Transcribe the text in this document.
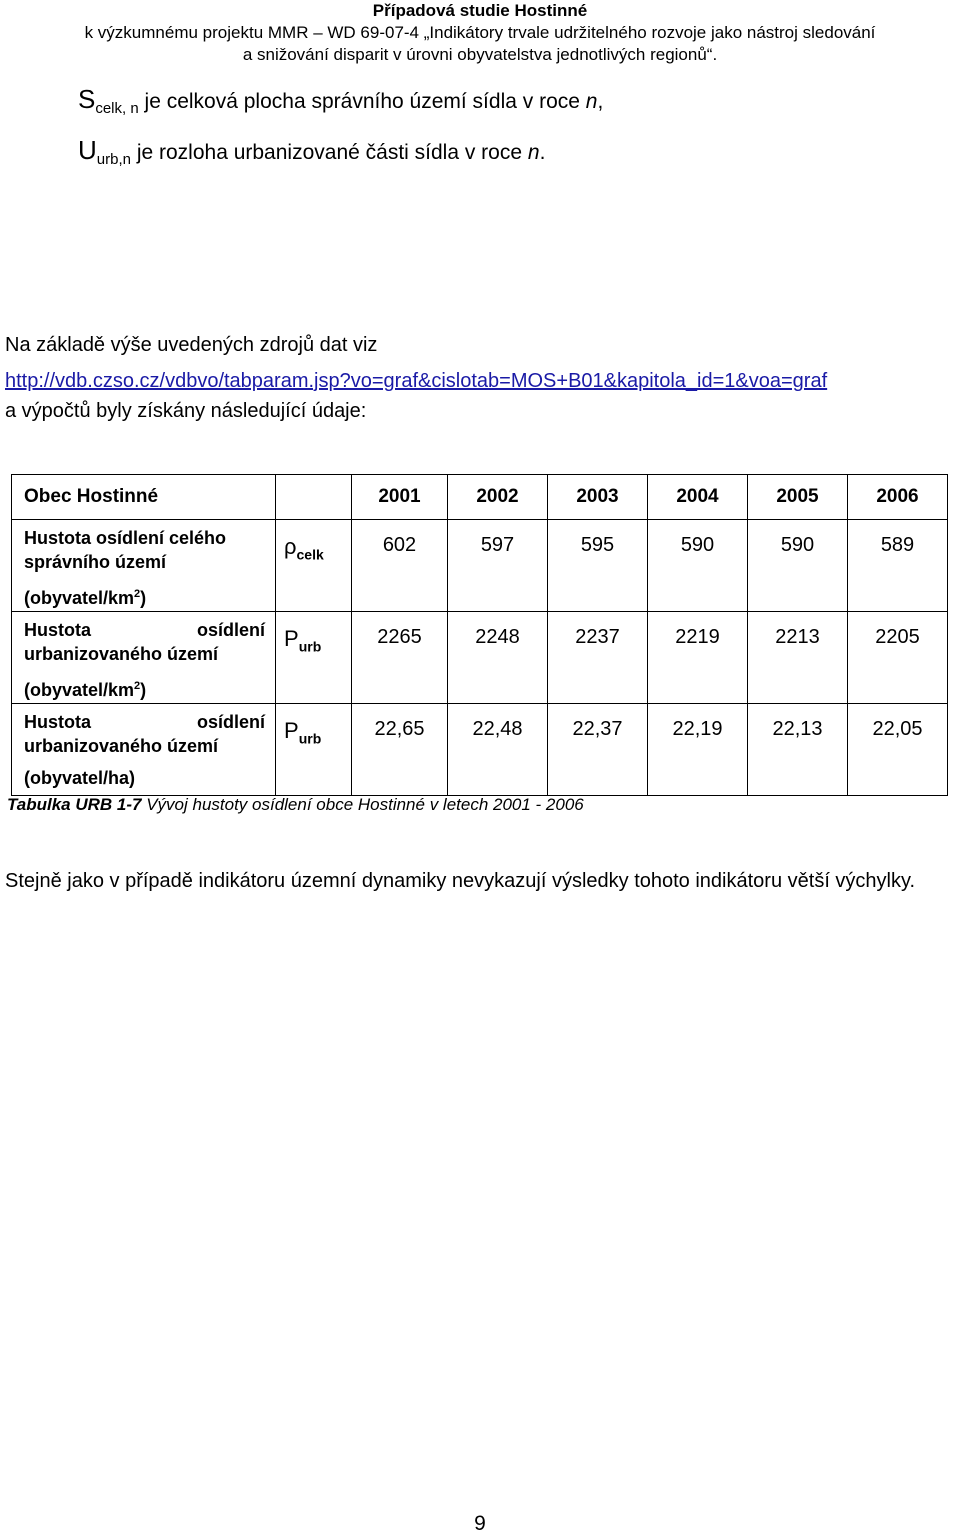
Případová studie Hostinné
k výzkumnému projektu MMR – WD 69-07-4 „Indikátory trvale udržitelného rozvoje jako nástroj sledování
a snižování disparit v úrovni obyvatelstva jednotlivých regionů“.
$S_{celk, n}$ je celková plocha správního území sídla v roce n,
$U_{urb,n}$ je rozloha urbanizované části sídla v roce n.
Na základě výše uvedených zdrojů dat viz
http://vdb.czso.cz/vdbvo/tabparam.jsp?vo=graf&cislotab=MOS+B01&kapitola_id=1&voa=graf
a výpočtů byly získány následující údaje:
Obec Hostinné		2001	2002	2003	2004	2005	2006

Hustota osídlení celého
správního území
$(obyvatel/km^2)$	$\rho_{celk}$	602	597	595	590	590	589

Hustota osídlení
urbanizovaného území
$(obyvatel/km^2)$	$P_{urb}$	2265	2248	2237	2219	2213	2205

Hustota osídlení
urbanizovaného území
(obyvatel/ha)	$P_{urb}$	22,65	22,48	22,37	22,19	22,13	22,05
Tabulka URB 1-7 Vývoj hustoty osídlení obce Hostinné v letech 2001 - 2006
Stejně jako v případě indikátoru územní dynamiky nevykazují výsledky tohoto indikátoru větší výchylky.
9
